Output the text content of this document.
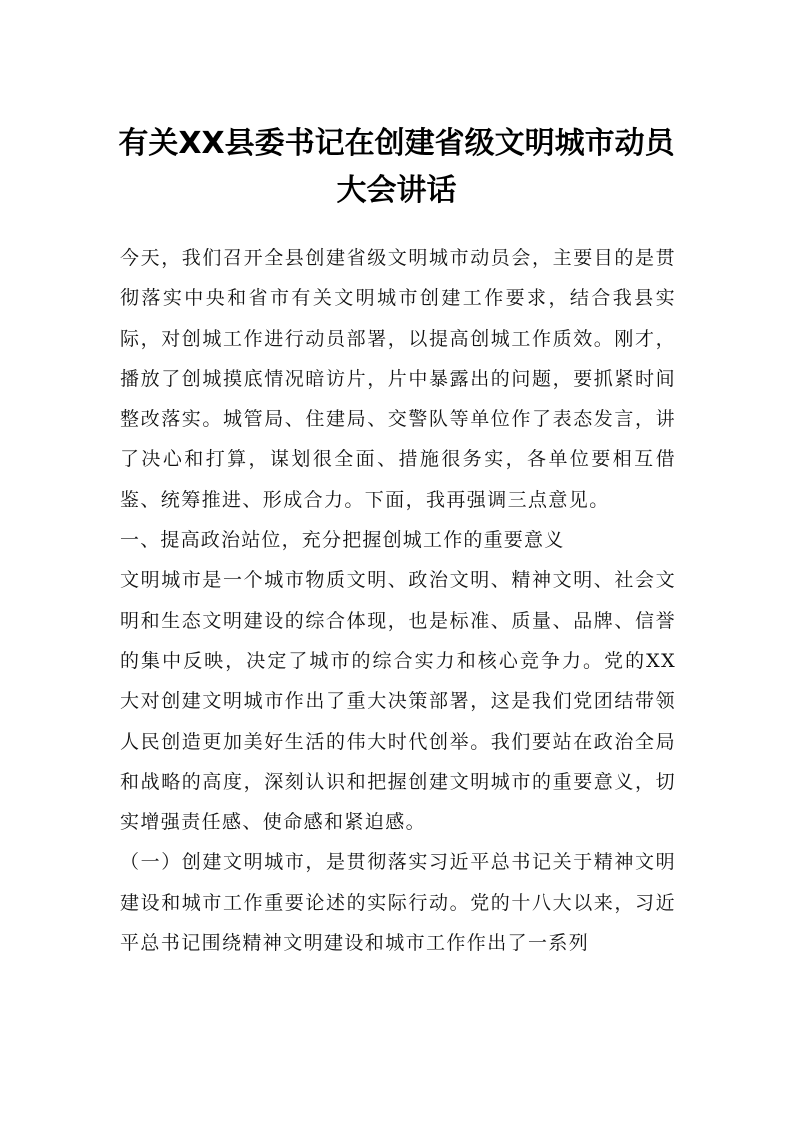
有关XX县委书记在创建省级文明城市动员
大会讲话

今天，我们召开全县创建省级文明城市动员会，主要目的是贯彻落实中央和省市有关文明城市创建工作要求，结合我县实际，对创城工作进行动员部署，以提高创城工作质效。刚才，播放了创城摸底情况暗访片，片中暴露出的问题，要抓紧时间整改落实。城管局、住建局、交警队等单位作了表态发言，讲了决心和打算，谋划很全面、措施很务实，各单位要相互借鉴、统筹推进、形成合力。下面，我再强调三点意见。

一、提高政治站位，充分把握创城工作的重要意义

文明城市是一个城市物质文明、政治文明、精神文明、社会文明和生态文明建设的综合体现，也是标准、质量、品牌、信誉的集中反映，决定了城市的综合实力和核心竞争力。党的XX大对创建文明城市作出了重大决策部署，这是我们党团结带领人民创造更加美好生活的伟大时代创举。我们要站在政治全局和战略的高度，深刻认识和把握创建文明城市的重要意义，切实增强责任感、使命感和紧迫感。

（一）创建文明城市，是贯彻落实习近平总书记关于精神文明建设和城市工作重要论述的实际行动。党的十八大以来，习近平总书记围绕精神文明建设和城市工作作出了一系列
